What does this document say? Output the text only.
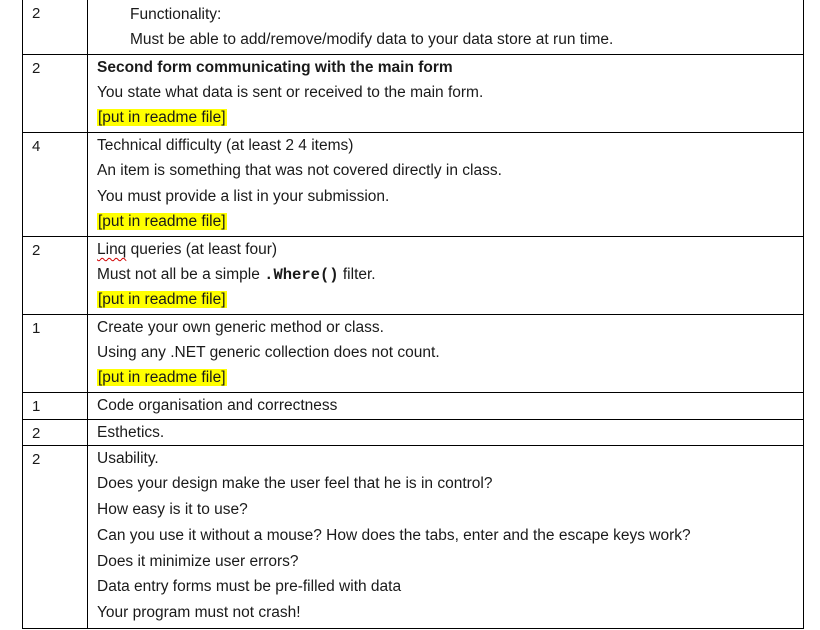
2	Functionality:
Must be able to add/remove/modify data to your data store at run time.
2	Second form communicating with the main form
You state what data is sent or received to the main form.
[put in readme file]
4	Technical difficulty (at least 2 4 items)
An item is something that was not covered directly in class.
You must provide a list in your submission.
[put in readme file]
2	Linq queries (at least four)
Must not all be a simple .Where() filter.
[put in readme file]
1	Create your own generic method or class.
Using any .NET generic collection does not count.
[put in readme file]
1	Code organisation and correctness
2	Esthetics.
2	Usability.
Does your design make the user feel that he is in control?
How easy is it to use?
Can you use it without a mouse? How does the tabs, enter and the escape keys work?
Does it minimize user errors?
Data entry forms must be pre-filled with data
Your program must not crash!
